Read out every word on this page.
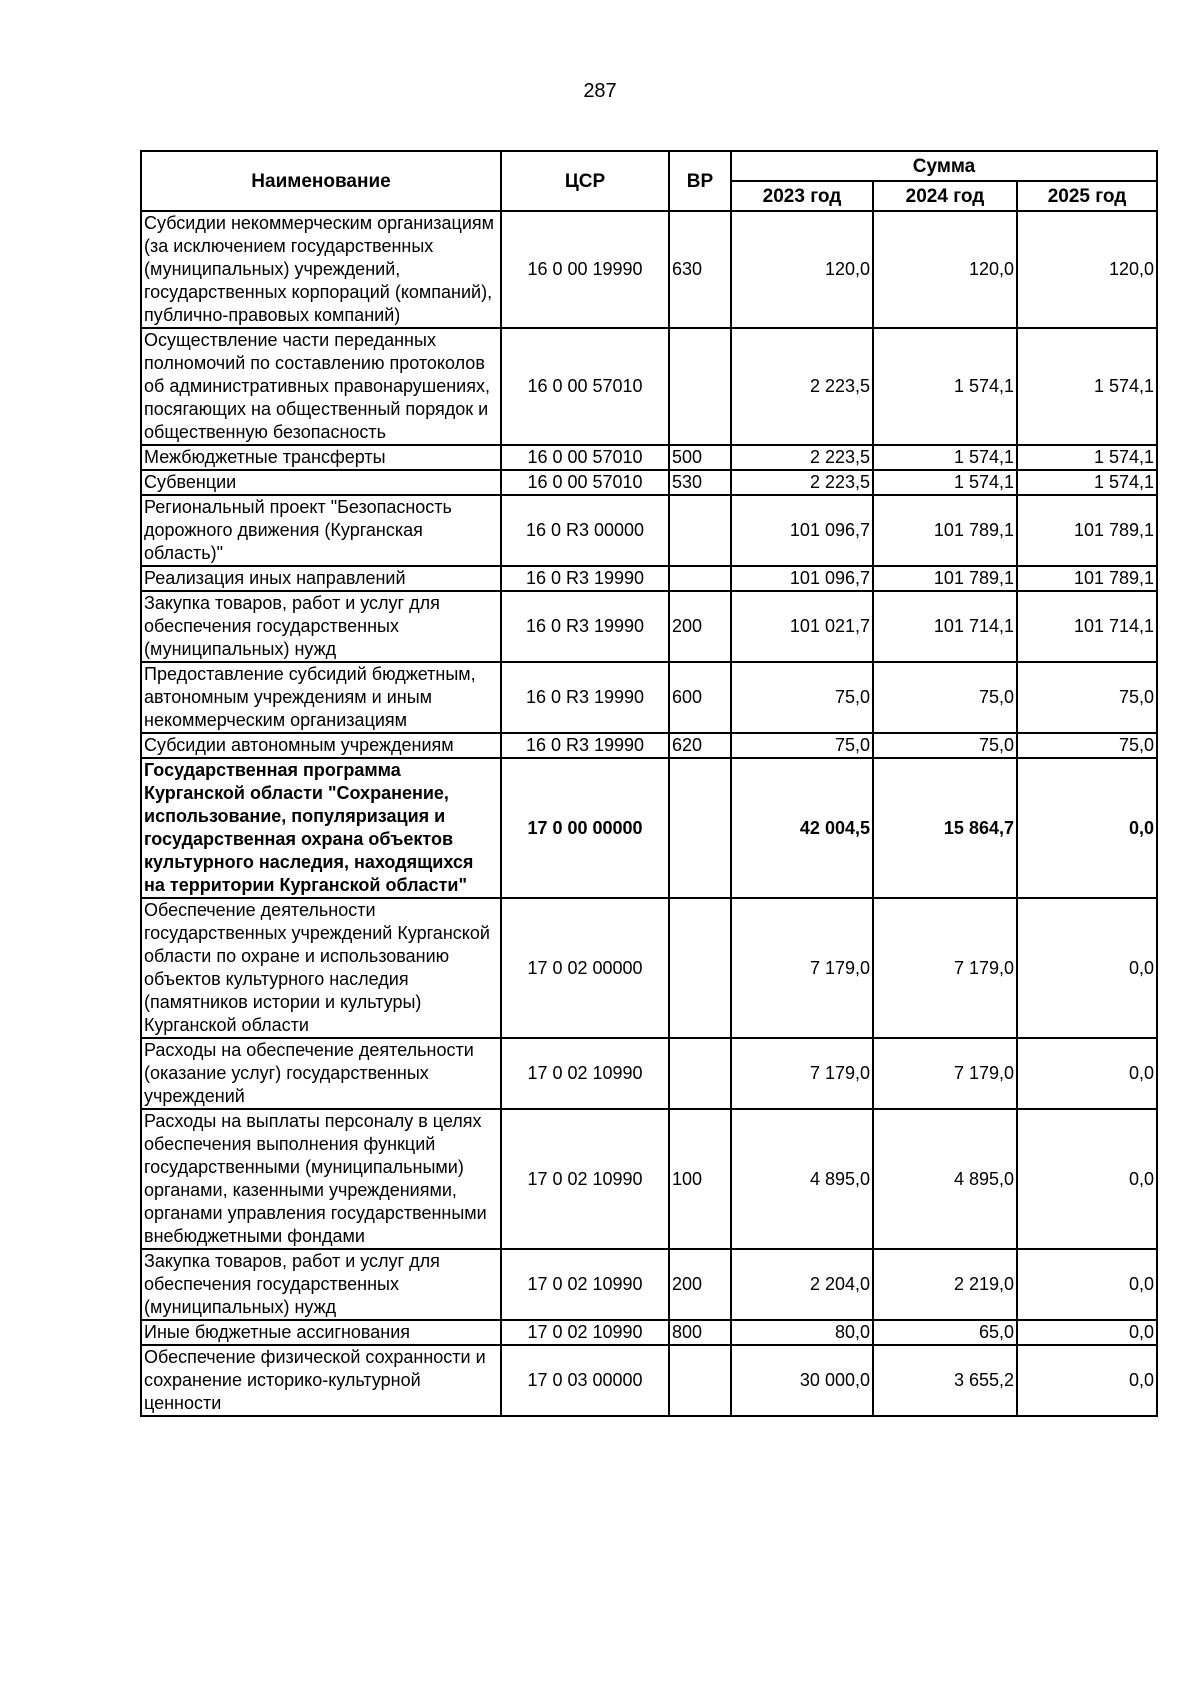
287
Наименование	ЦСР	ВР	Сумма		
			2023 год	2024 год	2025 год
Субсидии некоммерческим организациям (за исключением государственных (муниципальных) учреждений, государственных корпораций (компаний), публично-правовых компаний)	16 0 00 19990	630	120,0	120,0	120,0
Осуществление части переданных полномочий по составлению протоколов об административных правонарушениях, посягающих на общественный порядок и общественную безопасность	16 0 00 57010		2 223,5	1 574,1	1 574,1
Межбюджетные трансферты	16 0 00 57010	500	2 223,5	1 574,1	1 574,1
Субвенции	16 0 00 57010	530	2 223,5	1 574,1	1 574,1
Региональный проект "Безопасность дорожного движения (Курганская область)"	16 0 R3 00000		101 096,7	101 789,1	101 789,1
Реализация иных направлений	16 0 R3 19990		101 096,7	101 789,1	101 789,1
Закупка товаров, работ и услуг для обеспечения государственных (муниципальных) нужд	16 0 R3 19990	200	101 021,7	101 714,1	101 714,1
Предоставление субсидий бюджетным, автономным учреждениям и иным некоммерческим организациям	16 0 R3 19990	600	75,0	75,0	75,0
Субсидии автономным учреждениям	16 0 R3 19990	620	75,0	75,0	75,0
Государственная программа Курганской области "Сохранение, использование, популяризация и государственная охрана объектов культурного наследия, находящихся на территории Курганской области"	17 0 00 00000		42 004,5	15 864,7	0,0
Обеспечение деятельности государственных учреждений Курганской области по охране и использованию объектов культурного наследия (памятников истории и культуры) Курганской области	17 0 02 00000		7 179,0	7 179,0	0,0
Расходы на обеспечение деятельности (оказание услуг) государственных учреждений	17 0 02 10990		7 179,0	7 179,0	0,0
Расходы на выплаты персоналу в целях обеспечения выполнения функций государственными (муниципальными) органами, казенными учреждениями, органами управления государственными внебюджетными фондами	17 0 02 10990	100	4 895,0	4 895,0	0,0
Закупка товаров, работ и услуг для обеспечения государственных (муниципальных) нужд	17 0 02 10990	200	2 204,0	2 219,0	0,0
Иные бюджетные ассигнования	17 0 02 10990	800	80,0	65,0	0,0
Обеспечение физической сохранности и сохранение историко-культурной ценности	17 0 03 00000		30 000,0	3 655,2	0,0
